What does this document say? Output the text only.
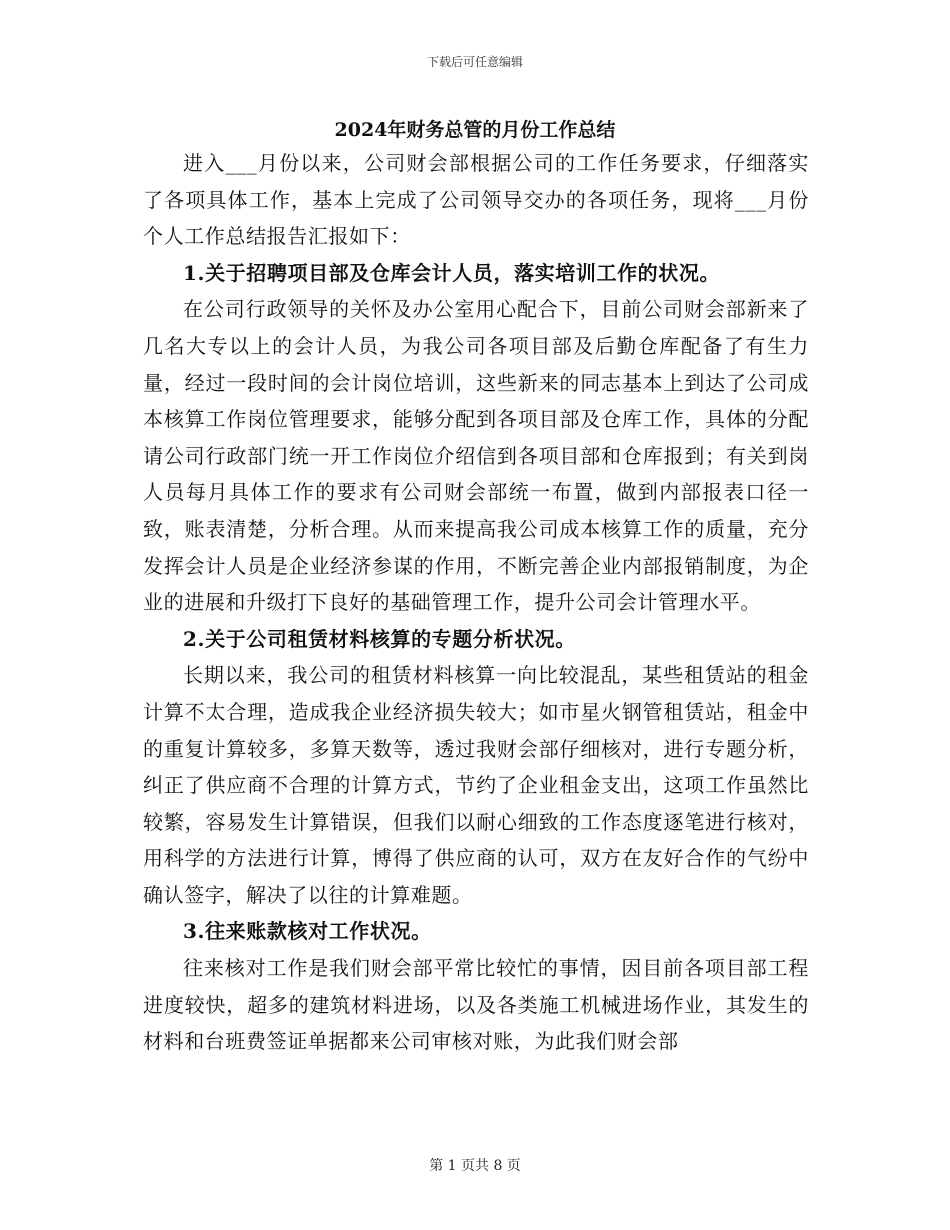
下载后可任意编辑
2024年财务总管的月份工作总结

进入___月份以来，公司财会部根据公司的工作任务要求，仔细落实了各项具体工作，基本上完成了公司领导交办的各项任务，现将___月份个人工作总结报告汇报如下：

1.关于招聘项目部及仓库会计人员，落实培训工作的状况。

在公司行政领导的关怀及办公室用心配合下，目前公司财会部新来了几名大专以上的会计人员，为我公司各项目部及后勤仓库配备了有生力量，经过一段时间的会计岗位培训，这些新来的同志基本上到达了公司成本核算工作岗位管理要求，能够分配到各项目部及仓库工作，具体的分配请公司行政部门统一开工作岗位介绍信到各项目部和仓库报到；有关到岗人员每月具体工作的要求有公司财会部统一布置，做到内部报表口径一致，账表清楚，分析合理。从而来提高我公司成本核算工作的质量，充分发挥会计人员是企业经济参谋的作用，不断完善企业内部报销制度，为企业的进展和升级打下良好的基础管理工作，提升公司会计管理水平。

2.关于公司租赁材料核算的专题分析状况。

长期以来，我公司的租赁材料核算一向比较混乱，某些租赁站的租金计算不太合理，造成我企业经济损失较大；如市星火钢管租赁站，租金中的重复计算较多，多算天数等，透过我财会部仔细核对，进行专题分析，纠正了供应商不合理的计算方式，节约了企业租金支出，这项工作虽然比较繁，容易发生计算错误，但我们以耐心细致的工作态度逐笔进行核对，用科学的方法进行计算，博得了供应商的认可，双方在友好合作的气纷中确认签字，解决了以往的计算难题。

3.往来账款核对工作状况。

往来核对工作是我们财会部平常比较忙的事情，因目前各项目部工程进度较快，超多的建筑材料进场，以及各类施工机械进场作业，其发生的材料和台班费签证单据都来公司审核对账，为此我们财会部

第 1 页共 8 页
